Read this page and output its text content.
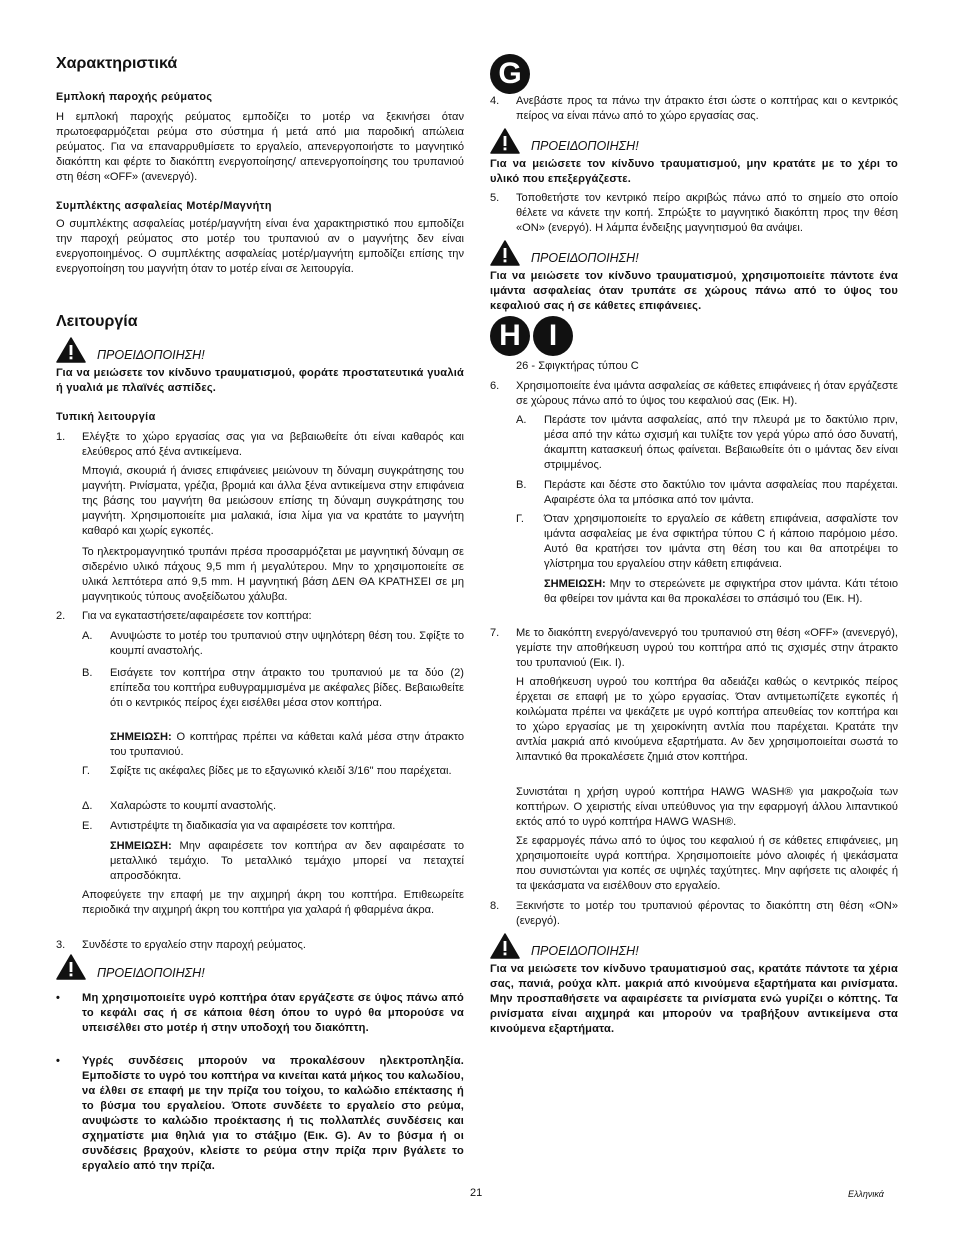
Χαρακτηριστικά
Εμπλοκή παροχής ρεύματος

Η εμπλοκή παροχής ρεύματος εμποδίζει το μοτέρ να ξεκινήσει όταν πρωτοεφαρμόζεται ρεύμα στο σύστημα ή μετά από μια παροδική απώλεια ρεύματος. Για να επαναρρυθμίσετε το εργαλείο, απενεργοποιήστε το μαγνητικό διακόπτη και φέρτε το διακόπτη ενεργοποίησης/ απενεργοποίησης του τρυπανιού στη θέση «OFF» (ανενεργό).

Συμπλέκτης ασφαλείας Μοτέρ/Μαγνήτη

Ο συμπλέκτης ασφαλείας μοτέρ/μαγνήτη είναι ένα χαρακτηριστικό που εμποδίζει την παροχή ρεύματος στο μοτέρ του τρυπανιού αν ο μαγνήτης δεν είναι ενεργοποιημένος. Ο συμπλέκτης ασφαλείας μοτέρ/μαγνήτη εμποδίζει επίσης την ενεργοποίηση του μαγνήτη όταν το μοτέρ είναι σε λειτουργία.

Λειτουργία
ΠΡΟΕΙΔΟΠΟΙΗΣΗ!

Για να μειώσετε τον κίνδυνο τραυματισμού, φοράτε προστατευτικά γυαλιά ή γυαλιά με πλαϊνές ασπίδες.

Τυπική λειτουργία
1. Ελέγξτε το χώρο εργασίας σας για να βεβαιωθείτε ότι είναι καθαρός και ελεύθερος από ξένα αντικείμενα.

Μπογιά, σκουριά ή άνισες επιφάνειες μειώνουν τη δύναμη συγκράτησης του μαγνήτη. Ρινίσματα, γρέζια, βρομιά και άλλα ξένα αντικείμενα στην επιφάνεια της βάσης του μαγνήτη θα μειώσουν επίσης τη δύναμη συγκράτησης του μαγνήτη. Χρησιμοποιείτε μια μαλακιά, ίσια λίμα για να κρατάτε το μαγνήτη καθαρό και χωρίς εγκοπές.

Το ηλεκτρομαγνητικό τρυπάνι πρέσα προσαρμόζεται με μαγνητική δύναμη σε σιδερένιο υλικό πάχους 9,5 mm ή μεγαλύτερου. Μην το χρησιμοποιείτε σε υλικά λεπτότερα από 9,5 mm. Η μαγνητική βάση ΔΕΝ ΘΑ ΚΡΑΤΗΣΕΙ σε μη μαγνητικούς τύπους ανοξείδωτου χάλυβα.

2. Για να εγκαταστήσετε/αφαιρέσετε τον κοπτήρα:

Α. Ανυψώστε το μοτέρ του τρυπανιού στην υψηλότερη θέση του. Σφίξτε το κουμπί αναστολής.

Β. Εισάγετε τον κοπτήρα στην άτρακτο του τρυπανιού με τα δύο (2) επίπεδα του κοπτήρα ευθυγραμμισμένα με ακέφαλες βίδες. Βεβαιωθείτε ότι ο κεντρικός πείρος έχει εισέλθει μέσα στον κοπτήρα.

ΣΗΜΕΙΩΣΗ: Ο κοπτήρας πρέπει να κάθεται καλά μέσα στην άτρακτο του τρυπανιού.

Γ. Σφίξτε τις ακέφαλες βίδες με το εξαγωνικό κλειδί 3/16" που παρέχεται.

Δ. Χαλαρώστε το κουμπί αναστολής.

Ε. Αντιστρέψτε τη διαδικασία για να αφαιρέσετε τον κοπτήρα.

ΣΗΜΕΙΩΣΗ: Μην αφαιρέσετε τον κοπτήρα αν δεν αφαιρέσατε το μεταλλικό τεμάχιο. Το μεταλλικό τεμάχιο μπορεί να πεταχτεί απροσδόκητα.

Αποφεύγετε την επαφή με την αιχμηρή άκρη του κοπτήρα. Επιθεωρείτε περιοδικά την αιχμηρή άκρη του κοπτήρα για χαλαρά ή φθαρμένα άκρα.

3. Συνδέστε το εργαλείο στην παροχή ρεύματος.

ΠΡΟΕΙΔΟΠΟΙΗΣΗ!
• Μη χρησιμοποιείτε υγρό κοπτήρα όταν εργάζεστε σε ύψος πάνω από το κεφάλι σας ή σε κάποια θέση όπου το υγρό θα μπορούσε να υπεισέλθει στο μοτέρ ή στην υποδοχή του διακόπτη.

• Υγρές συνδέσεις μπορούν να προκαλέσουν ηλεκτροπληξία. Εμποδίστε το υγρό του κοπτήρα να κινείται κατά μήκος του καλωδίου, να έλθει σε επαφή με την πρίζα του τοίχου, το καλώδιο επέκτασης ή το βύσμα του εργαλείου. Όποτε συνδέετε το εργαλείο στο ρεύμα, ανυψώστε το καλώδιο προέκτασης ή τις πολλαπλές συνδέσεις και σχηματίστε μια θηλιά για το στάξιμο (Εικ. G). Αν το βύσμα ή οι συνδέσεις βραχούν, κλείστε το ρεύμα στην πρίζα πριν βγάλετε το εργαλείο από την πρίζα.

G
4. Ανεβάστε προς τα πάνω την άτρακτο έτσι ώστε ο κοπτήρας και ο κεντρικός πείρος να είναι πάνω από το χώρο εργασίας σας.

ΠΡΟΕΙΔΟΠΟΙΗΣΗ!

Για να μειώσετε τον κίνδυνο τραυματισμού, μην κρατάτε με το χέρι το υλικό που επεξεργάζεστε.

5. Τοποθετήστε τον κεντρικό πείρο ακριβώς πάνω από το σημείο στο οποίο θέλετε να κάνετε την κοπή. Σπρώξτε το μαγνητικό διακόπτη προς την θέση «ON» (ενεργό). Η λάμπα ένδειξης μαγνητισμού θα ανάψει.

ΠΡΟΕΙΔΟΠΟΙΗΣΗ!

Για να μειώσετε τον κίνδυνο τραυματισμού, χρησιμοποιείτε πάντοτε ένα ιμάντα ασφαλείας όταν τρυπάτε σε χώρους πάνω από το ύψος του κεφαλιού σας ή σε κάθετες επιφάνειες.

H I

26 - Σφιγκτήρας τύπου C

6. Χρησιμοποιείτε ένα ιμάντα ασφαλείας σε κάθετες επιφάνειες ή όταν εργάζεστε σε χώρους πάνω από το ύψος του κεφαλιού σας (Εικ. Η).

Α. Περάστε τον ιμάντα ασφαλείας, από την πλευρά με το δακτύλιο πριν, μέσα από την κάτω σχισμή και τυλίξτε τον γερά γύρω από όσο δυνατή, άκαμπτη κατασκευή όπως φαίνεται. Βεβαιωθείτε ότι ο ιμάντας δεν είναι στριμμένος.

Β. Περάστε και δέστε στο δακτύλιο τον ιμάντα ασφαλείας που παρέχεται. Αφαιρέστε όλα τα μπόσικα από τον ιμάντα.

Γ. Όταν χρησιμοποιείτε το εργαλείο σε κάθετη επιφάνεια, ασφαλίστε τον ιμάντα ασφαλείας με ένα σφικτήρα τύπου C ή κάποιο παρόμοιο μέσο. Αυτό θα κρατήσει τον ιμάντα στη θέση του και θα αποτρέψει το γλίστρημα του εργαλείου στην κάθετη επιφάνεια.

ΣΗΜΕΙΩΣΗ: Μην το στερεώνετε με σφιγκτήρα στον ιμάντα. Κάτι τέτοιο θα φθείρει τον ιμάντα και θα προκαλέσει το σπάσιμό του (Εικ. Η).

7. Με το διακόπτη ενεργό/ανενεργό του τρυπανιού στη θέση «OFF» (ανενεργό), γεμίστε την αποθήκευση υγρού του κοπτήρα από τις σχισμές στην άτρακτο του τρυπανιού (Εικ. I).

Η αποθήκευση υγρού του κοπτήρα θα αδειάζει καθώς ο κεντρικός πείρος έρχεται σε επαφή με το χώρο εργασίας. Όταν αντιμετωπίζετε εγκοπές ή κοιλώματα πρέπει να ψεκάζετε με υγρό κοπτήρα απευθείας τον κοπτήρα και το χώρο εργασίας με τη χειροκίνητη αντλία που παρέχεται. Κρατάτε την αντλία μακριά από κινούμενα εξαρτήματα. Αν δεν χρησιμοποιείται σωστά το λιπαντικό θα προκαλέσετε ζημιά στον κοπτήρα.

Συνιστάται η χρήση υγρού κοπτήρα HAWG WASH® για μακροζωία των κοπτήρων. Ο χειριστής είναι υπεύθυνος για την εφαρμογή άλλου λιπαντικού εκτός από το υγρό κοπτήρα HAWG WASH®.

Σε εφαρμογές πάνω από το ύψος του κεφαλιού ή σε κάθετες επιφάνειες, μη χρησιμοποιείτε υγρά κοπτήρα. Χρησιμοποιείτε μόνο αλοιφές ή ψεκάσματα που συνιστώνται για κοπές σε υψηλές ταχύτητες. Μην αφήσετε τις αλοιφές ή τα ψεκάσματα να εισέλθουν στο εργαλείο.

8. Ξεκινήστε το μοτέρ του τρυπανιού φέροντας το διακόπτη στη θέση «ON» (ενεργό).

ΠΡΟΕΙΔΟΠΟΙΗΣΗ!

Για να μειώσετε τον κίνδυνο τραυματισμού σας, κρατάτε πάντοτε τα χέρια σας, πανιά, ρούχα κλπ. μακριά από κινούμενα εξαρτήματα και ρινίσματα. Μην προσπαθήσετε να αφαιρέσετε τα ρινίσματα ενώ γυρίζει ο κόπτης. Τα ρινίσματα είναι αιχμηρά και μπορούν να τραβήξουν αντικείμενα στα κινούμενα εξαρτήματα.

21	Ελληνικά
